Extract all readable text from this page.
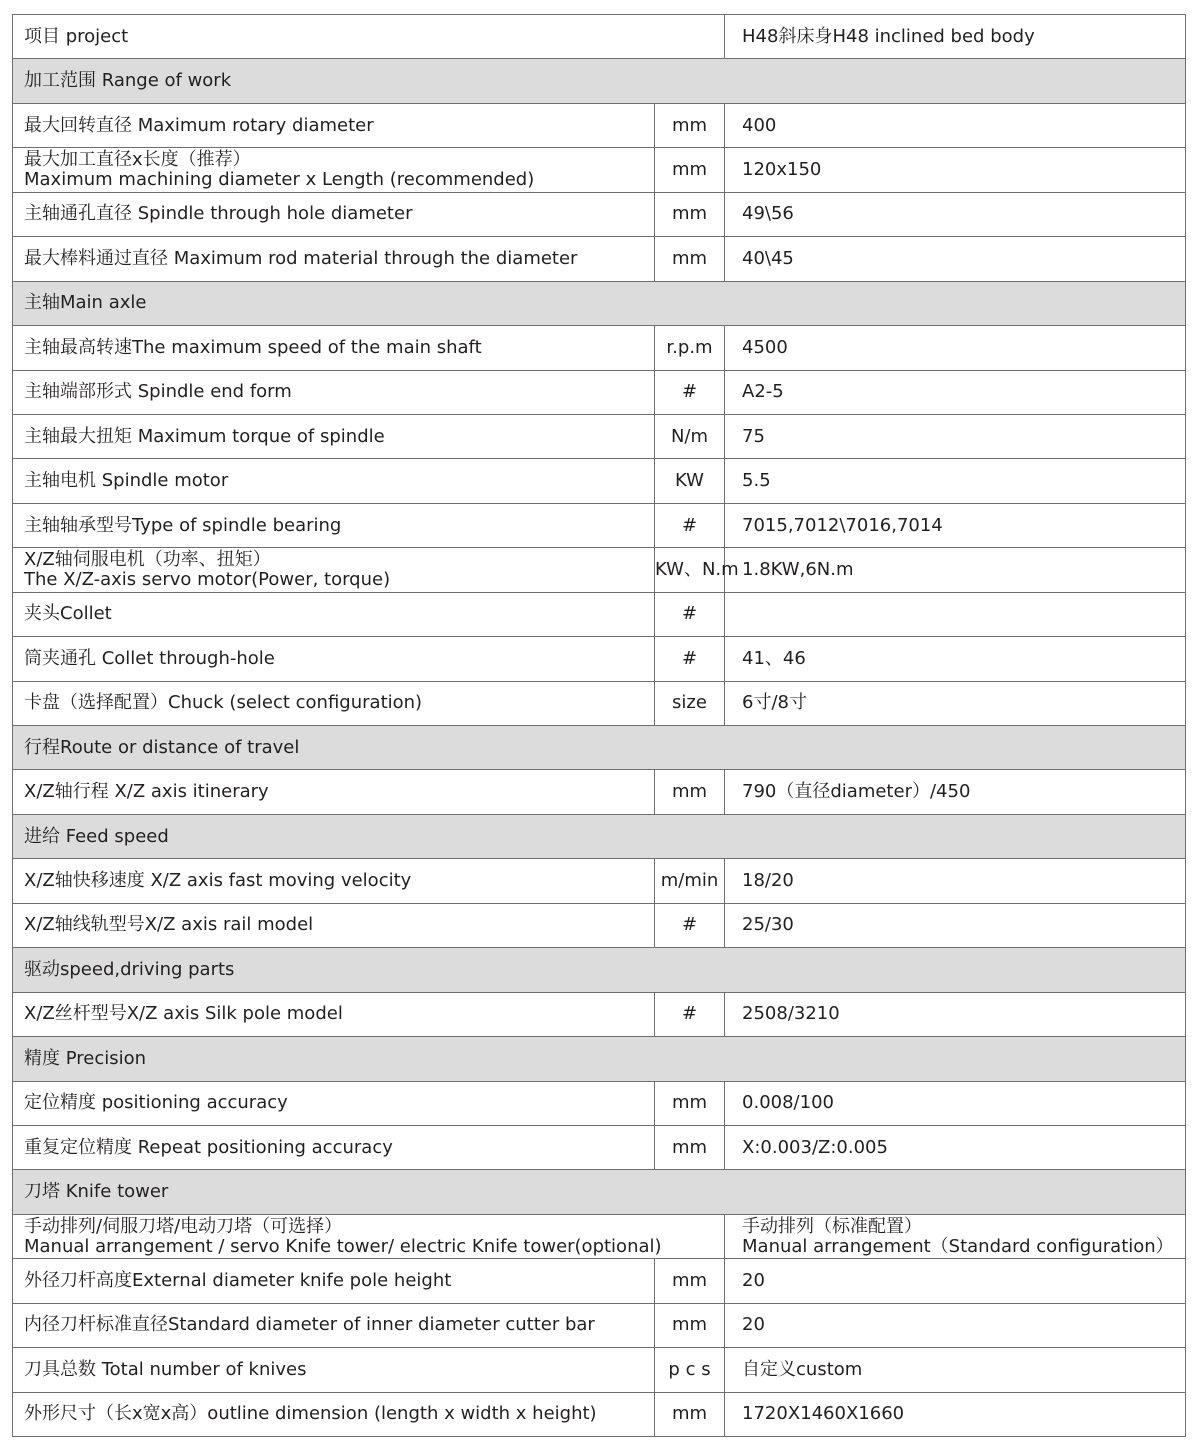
项目 project		H48斜床身H48 inclined bed body
加工范围 Range of work		
最大回转直径 Maximum rotary diameter	mm	400

最大加工直径x长度（推荐）
Maximum machining diameter x Length (recommended)	mm	120x150
主轴通孔直径 Spindle through hole diameter	mm	49\56
最大棒料通过直径 Maximum rod material through the diameter	mm	40\45
主轴Main axle		
主轴最高转速The maximum speed of the main shaft	r.p.m	4500
主轴端部形式 Spindle end form	#	A2-5
主轴最大扭矩 Maximum torque of spindle	N/m	75
主轴电机 Spindle motor	KW	5.5
主轴轴承型号Type of spindle bearing	#	7015,7012\7016,7014

X/Z轴伺服电机（功率、扭矩）
The X/Z-axis servo motor(Power, torque)	KW、N.m	1.8KW,6N.m
夹头Collet	#	
筒夹通孔 Collet through-hole	#	41、46
卡盘（选择配置）Chuck (select configuration)	size	6寸/8寸
行程Route or distance of travel		
X/Z轴行程 X/Z axis itinerary	mm	790（直径diameter）/450
进给 Feed speed		
X/Z轴快移速度 X/Z axis fast moving velocity	m/min	18/20
X/Z轴线轨型号X/Z axis rail model	#	25/30
驱动speed,driving parts		
X/Z丝杆型号X/Z axis Silk pole model	#	2508/3210
精度 Precision		
定位精度 positioning accuracy	mm	0.008/100
重复定位精度 Repeat positioning accuracy	mm	X:0.003/Z:0.005
刀塔 Knife tower		

手动排列/伺服刀塔/电动刀塔（可选择）
Manual arrangement / servo Knife tower/ electric Knife tower(optional)		手动排列（标准配置）
Manual arrangement（Standard configuration）

外径刀杆高度External diameter knife pole height	mm	20
内径刀杆标准直径Standard diameter of inner diameter cutter bar	mm	20
刀具总数 Total number of knives	p c s	自定义custom
外形尺寸（长x宽x高）outline dimension (length x width x height)	mm	1720X1460X1660
